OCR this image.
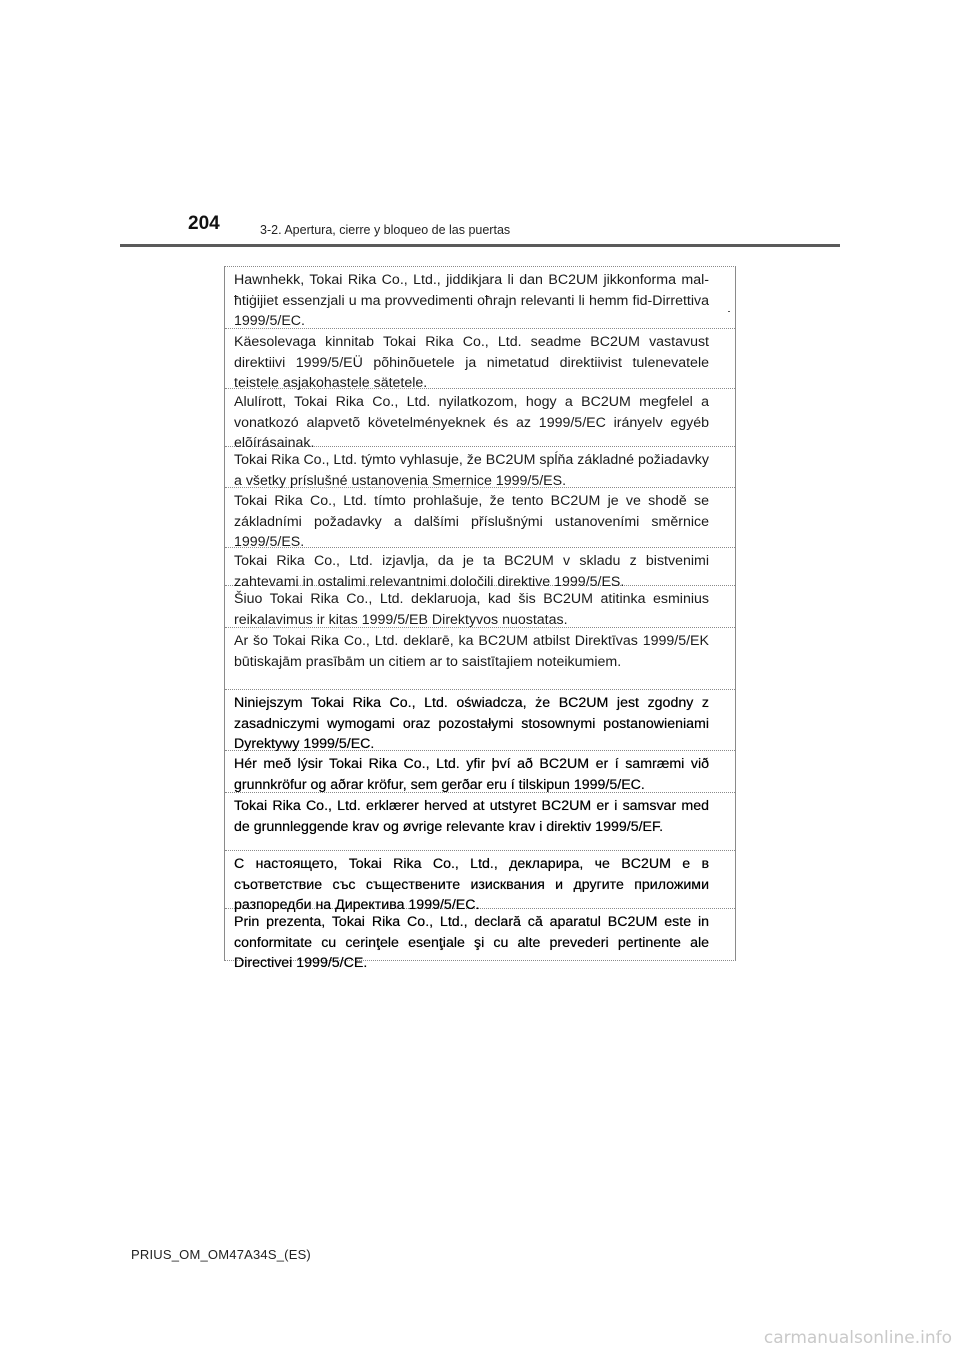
204	3-2. Apertura, cierre y bloqueo de las puertas
Hawnhekk, Tokai Rika Co., Ltd., jiddikjara li dan BC2UM jikkonforma mal-ħtiġijiet essenzjali u ma provvedimenti oħrajn relevanti li hemm fid-Dirrettiva 1999/5/EC.
Käesolevaga kinnitab Tokai Rika Co., Ltd. seadme BC2UM vastavust direktiivi 1999/5/EÜ põhinõuetele ja nimetatud direktiivist tulenevatele teistele asjakohastele sätetele.
Alulírott, Tokai Rika Co., Ltd. nyilatkozom, hogy a BC2UM megfelel a vonatkozó alapvetõ követelményeknek és az 1999/5/EC irányelv egyéb elõírásainak.
Tokai Rika Co., Ltd. týmto vyhlasuje, že BC2UM spĺňa základné požiadavky a všetky príslušné ustanovenia Smernice 1999/5/ES.
Tokai Rika Co., Ltd. tímto prohlašuje, že tento BC2UM je ve shodě se základními požadavky a dalšími příslušnými ustanoveními směrnice 1999/5/ES.
Tokai Rika Co., Ltd. izjavlja, da je ta BC2UM v skladu z bistvenimi zahtevami in ostalimi relevantnimi določili direktive 1999/5/ES.
Šiuo Tokai Rika Co., Ltd. deklaruoja, kad šis BC2UM atitinka esminius reikalavimus ir kitas 1999/5/EB Direktyvos nuostatas.
Ar šo Tokai Rika Co., Ltd. deklarē, ka BC2UM atbilst Direktīvas 1999/5/EK būtiskajām prasībām un citiem ar to saistītajiem noteikumiem.
Niniejszym Tokai Rika Co., Ltd. oświadcza, że BC2UM jest zgodny z zasadniczymi wymogami oraz pozostałymi stosownymi postanowieniami Dyrektywy 1999/5/EC.
Hér með lýsir Tokai Rika Co., Ltd. yfir því að BC2UM er í samræmi við grunnkröfur og aðrar kröfur, sem gerðar eru í tilskipun 1999/5/EC.
Tokai Rika Co., Ltd. erklærer herved at utstyret BC2UM er i samsvar med de grunnleggende krav og øvrige relevante krav i direktiv 1999/5/EF.
С настоящето, Tokai Rika Co., Ltd., декларира, че BC2UM е в съответствие със съществените изисквания и другите приложими разпоредби на Директива 1999/5/ЕС.
Prin prezenta, Tokai Rika Co., Ltd., declară că aparatul BC2UM este in conformitate cu cerinţele esenţiale şi cu alte prevederi pertinente ale Directivei 1999/5/CE.
PRIUS_OM_OM47A34S_(ES)
carmanualsonline.info
